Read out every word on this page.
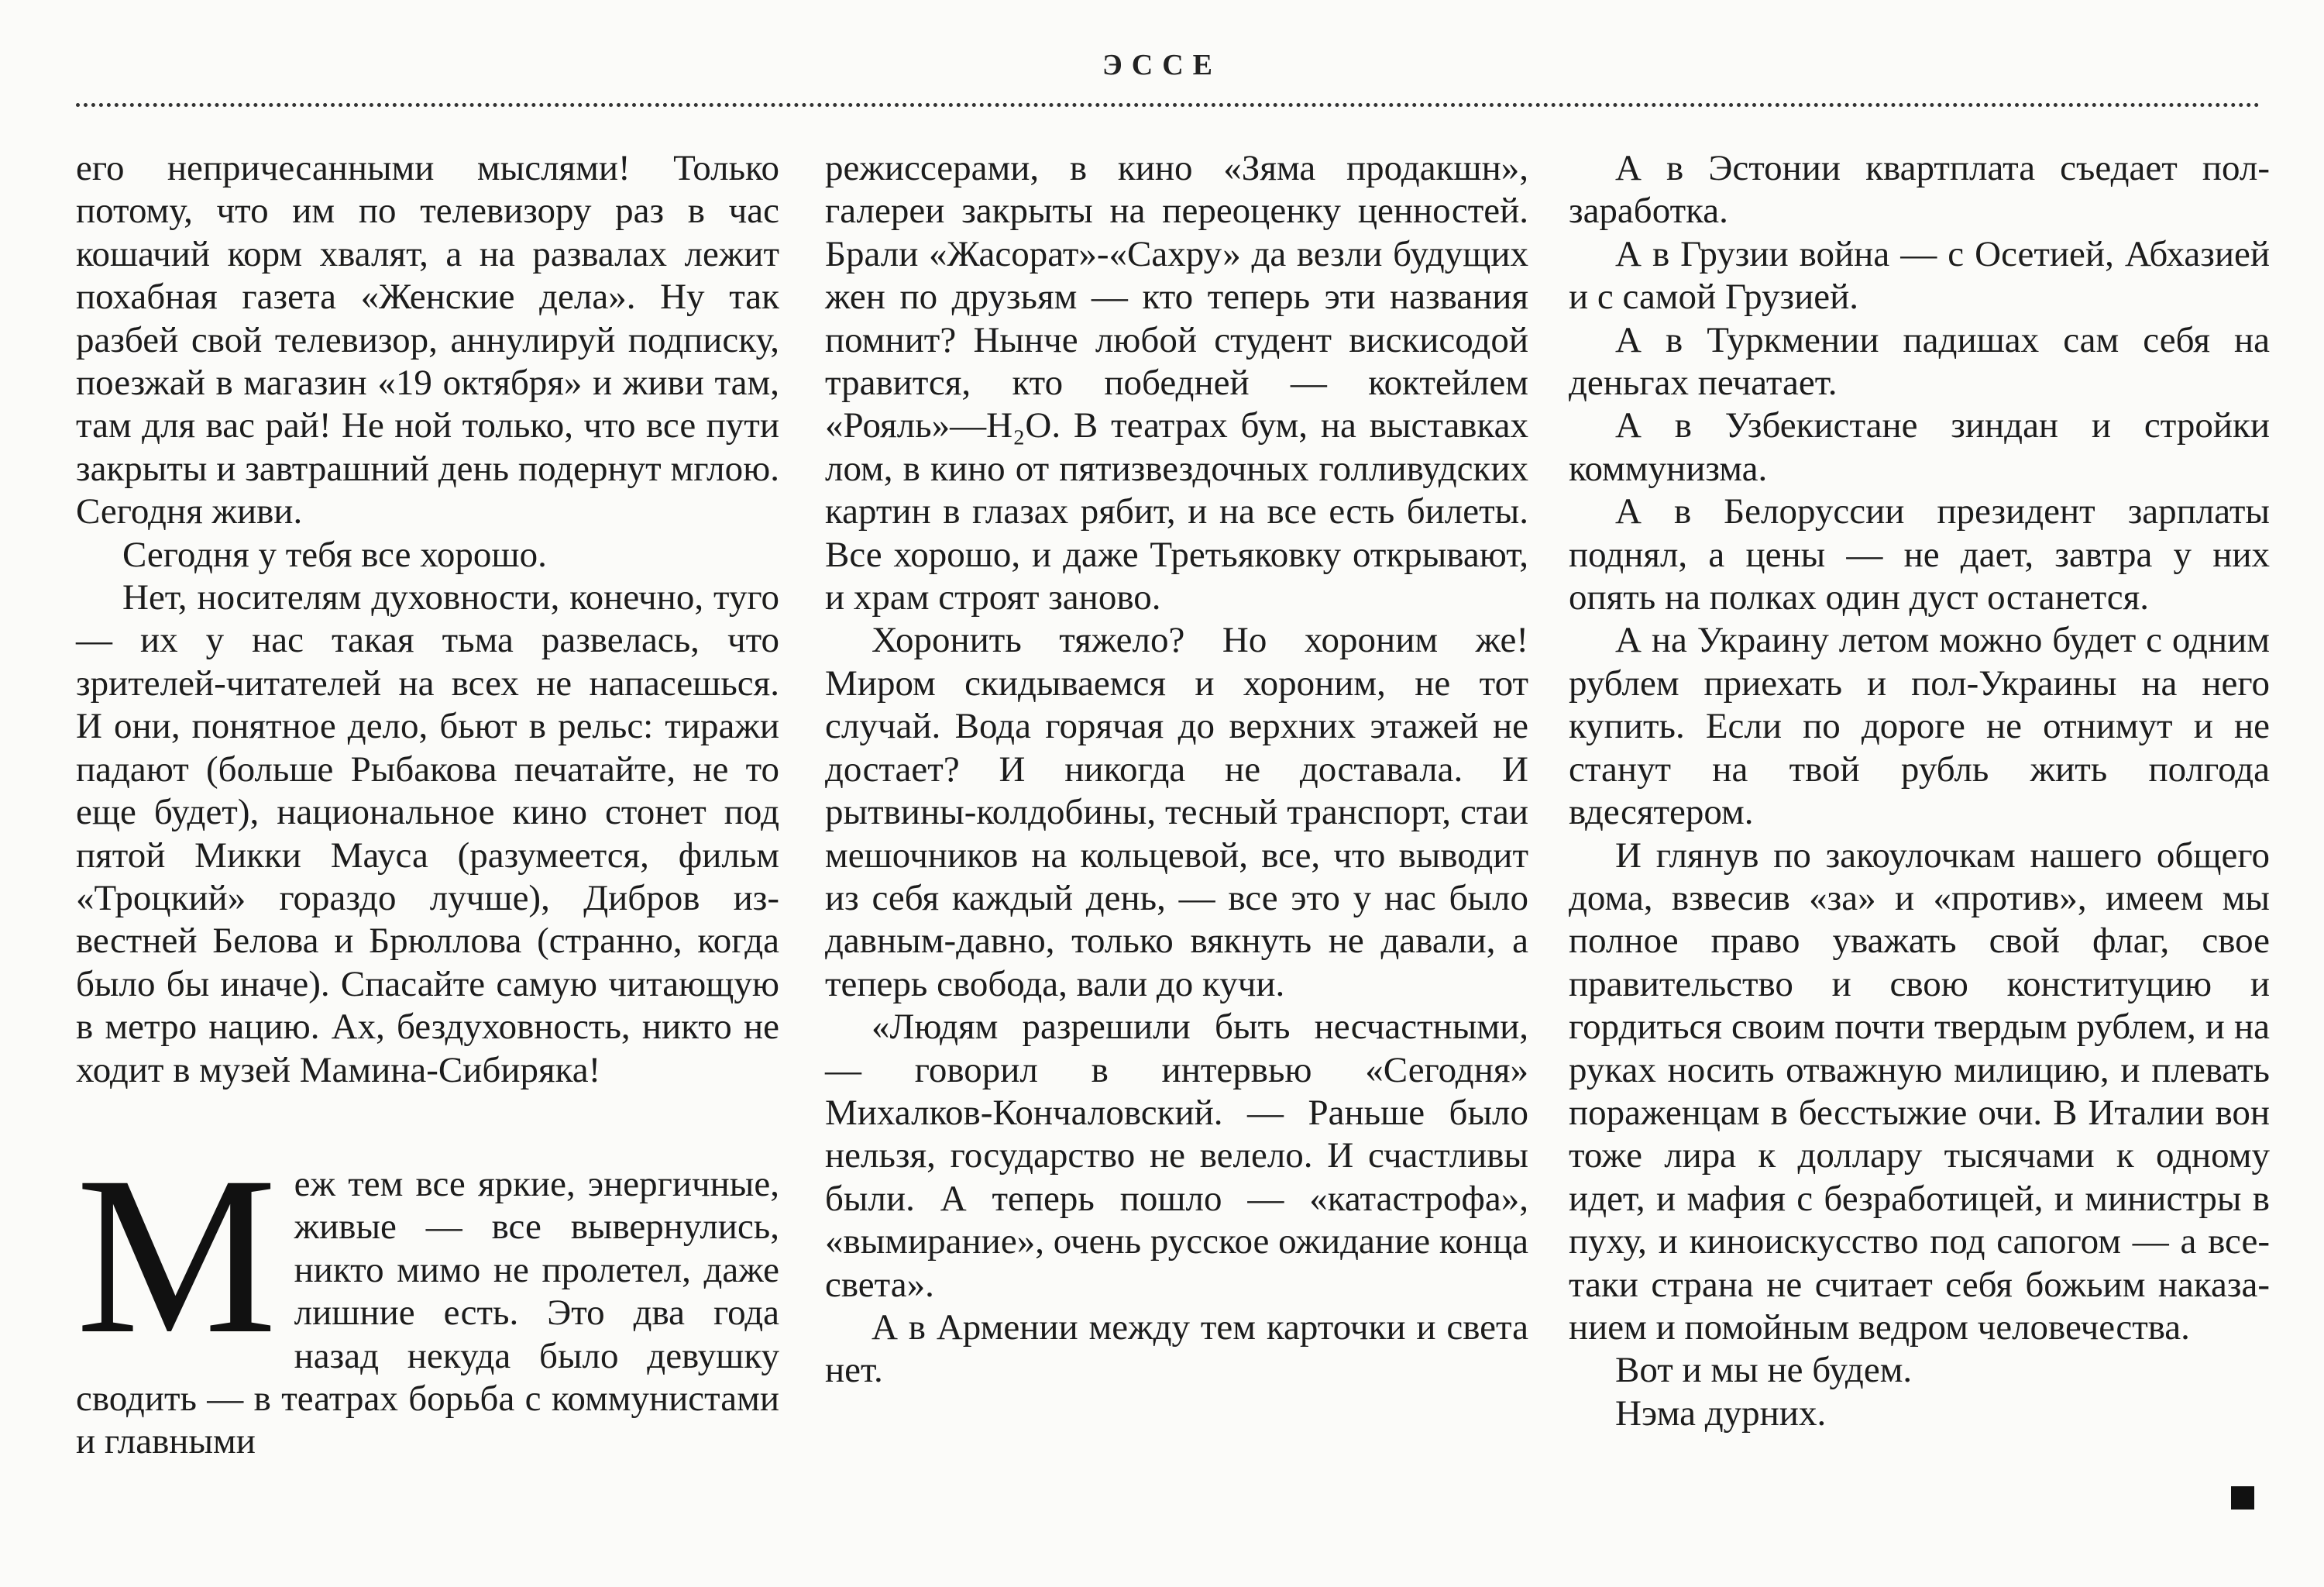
ЭССЕ

его непричесанными мыслями! Только потому, что им по телевизору раз в час кошачий корм хвалят, а на развалах лежит похабная газета «Женские дела». Ну так разбей свой телевизор, аннулируй подписку, поезжай в магазин «19 октября» и живи там, там для вас рай! Не ной только, что все пути закрыты и завтрашний день подернут мглою. Сегодня живи.

Сегодня у тебя все хорошо.

Нет, носителям духовности, конечно, туго — их у нас такая тьма развелась, что зрителей-читателей на всех не напасешься. И они, понятное дело, бьют в рельс: тиражи падают (больше Рыбакова печатайте, не то еще будет), национальное кино стонет под пятой Микки Мауса (разумеется, фильм «Троцкий» гораздо лучше), Дибров известней Белова и Брюллова (странно, когда было бы иначе). Спасайте самую читающую в метро нацию. Ах, бездуховность, никто не ходит в музей Мамина-Сибиряка!

М еж тем все яркие, энергичные, живые — все вывернулись, никто мимо не пролетел, даже лишние есть. Это два года назад некуда было девушку сводить — в театрах борьба с коммунистами и главными

режиссерами, в кино «Зяма продакшн», галереи закрыты на переоценку ценностей. Брали «Жасорат»-«Сахру» да везли будущих жен по друзьям — кто теперь эти названия помнит? Нынче любой студент вискисодой травится, кто победней — коктейлем «Рояль»—H₂O. В театрах бум, на выставках лом, в кино от пятизвездочных голливудских картин в глазах рябит, и на все есть билеты. Все хорошо, и даже Третьяковку открывают, и храм строят заново.

Хоронить тяжело? Но хороним же! Миром скидываемся и хороним, не тот случай. Вода горячая до верхних этажей не достает? И никогда не доставала. И рытвины-колдобины, тесный транспорт, стаи мешочников на кольцевой, все, что выводит из себя каждый день, — все это у нас было давным-давно, только вякнуть не давали, а теперь свобода, вали до кучи.

«Людям разрешили быть несчастными, — говорил в интервью «Сегодня» Михалков-Кончаловский. — Раньше было нельзя, государство не велело. И счастливы были. А теперь пошло — «катастрофа», «вымирание», очень русское ожидание конца света».

А в Армении между тем карточки и света нет.

А в Эстонии квартплата съедает ползаработка.

А в Грузии война — с Осетией, Абхазией и с самой Грузией.

А в Туркмении падишах сам себя на деньгах печатает.

А в Узбекистане зиндан и стройки коммунизма.

А в Белоруссии президент зарплаты поднял, а цены — не дает, завтра у них опять на полках один дуст останется.

А на Украину летом можно будет с одним рублем приехать и пол-Украины на него купить. Если по дороге не отнимут и не станут на твой рубль жить полгода вдесятером.

И глянув по закоулочкам нашего общего дома, взвесив «за» и «против», имеем мы полное право уважать свой флаг, свое правительство и свою конституцию и гордиться своим почти твердым рублем, и на руках носить отважную милицию, и плевать пораженцам в бесстыжие очи. В Италии вон тоже лира к доллару тысячами к одному идет, и мафия с безработицей, и министры в пуху, и киноискусство под сапогом — а все-таки страна не считает себя божьим наказанием и помойным ведром человечества.

Вот и мы не будем.

Нэма дурних.
